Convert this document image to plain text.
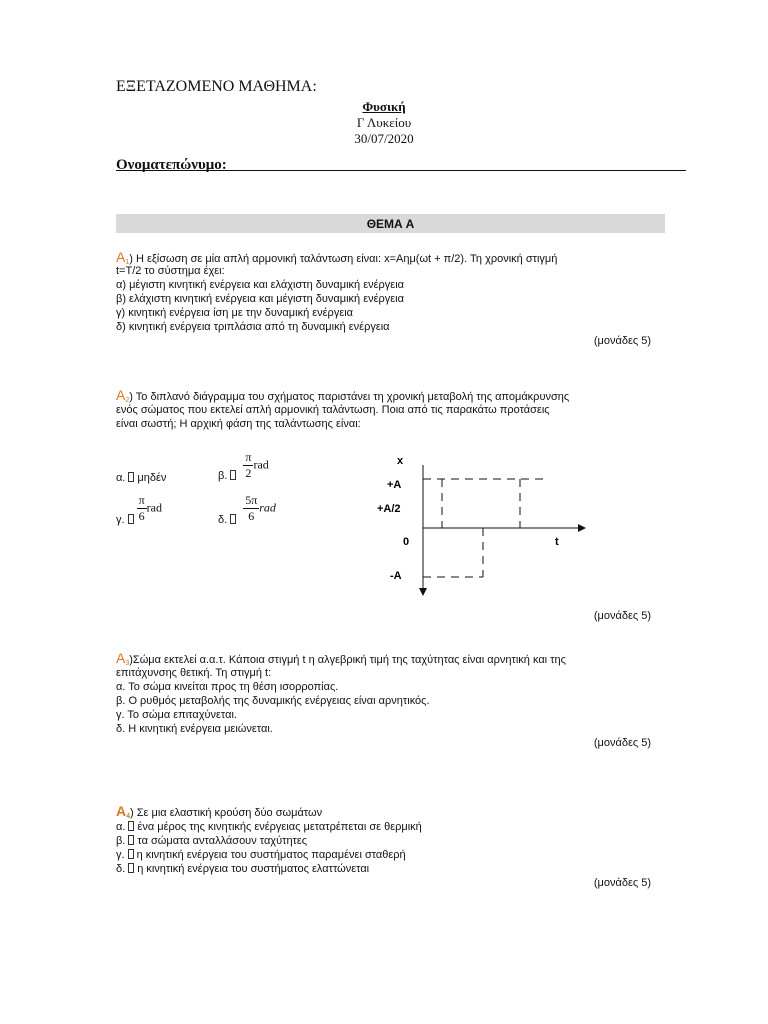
ΕΞΕΤΑΖΟΜΕΝΟ ΜΑΘΗΜΑ:
Φυσική
Γ Λυκείου
30/07/2020
Ονοματεπώνυμο:
ΘΕΜΑ Α
$A_1$) Η εξίσωση σε μία απλή αρμονική ταλάντωση είναι: x=Aημ(ωt + π/2). Τη χρονική στιγμή
t=T/2 το σύστημα έχει:
α) μέγιστη κινητική ενέργεια και ελάχιστη δυναμική ενέργεια
β) ελάχιστη κινητική ενέργεια και μέγιστη δυναμική ενέργεια
γ) κινητική ενέργεια ίση με την δυναμική ενέργεια
δ) κινητική ενέργεια τριπλάσια από τη δυναμική ενέργεια
(μονάδες 5)
$A_2$) Το διπλανό διάγραμμα του σχήματος παριστάνει τη χρονική μεταβολή της απομάκρυνσης
ενός σώματος που εκτελεί απλή αρμονική ταλάντωση. Ποια από τις παρακάτω προτάσεις
είναι σωστή; Η αρχική φάση της ταλάντωσης είναι:
α. μηδέν	β. $\frac{\pi}{2}$ rad
γ. $\frac{\pi}{6}$ rad
δ. $\frac{5\pi}{6}$ rad
x
+A
+A/2
0	t
-A
(μονάδες 5)
$A_3)\Sigma ώ\mu\alpha$ εκτελεί α.α.τ. Κάποια στιγμή t η αλγεβρική τιμή της ταχύτητας είναι αρνητική και της
επιτάχυνσης θετική. Τη στιγμή t:
α. Το σώμα κινείται προς τη θέση ισορροπίας.
β. Ο ρυθμός μεταβολής της δυναμικής ενέργειας είναι αρνητικός.
γ. Το σώμα επιταχύνεται.
δ. Η κινητική ενέργεια μειώνεται.
(μονάδες 5)
$A_4$) Σε μια ελαστική κρούση δύο σωμάτων
α. ένα μέρος της κινητικής ενέργειας μετατρέπεται σε θερμική
β. τα σώματα ανταλλάσουν ταχύτητες
γ. η κινητική ενέργεια του συστήματος παραμένει σταθερή
δ. η κινητική ενέργεια του συστήματος ελαττώνεται
(μονάδες 5)
